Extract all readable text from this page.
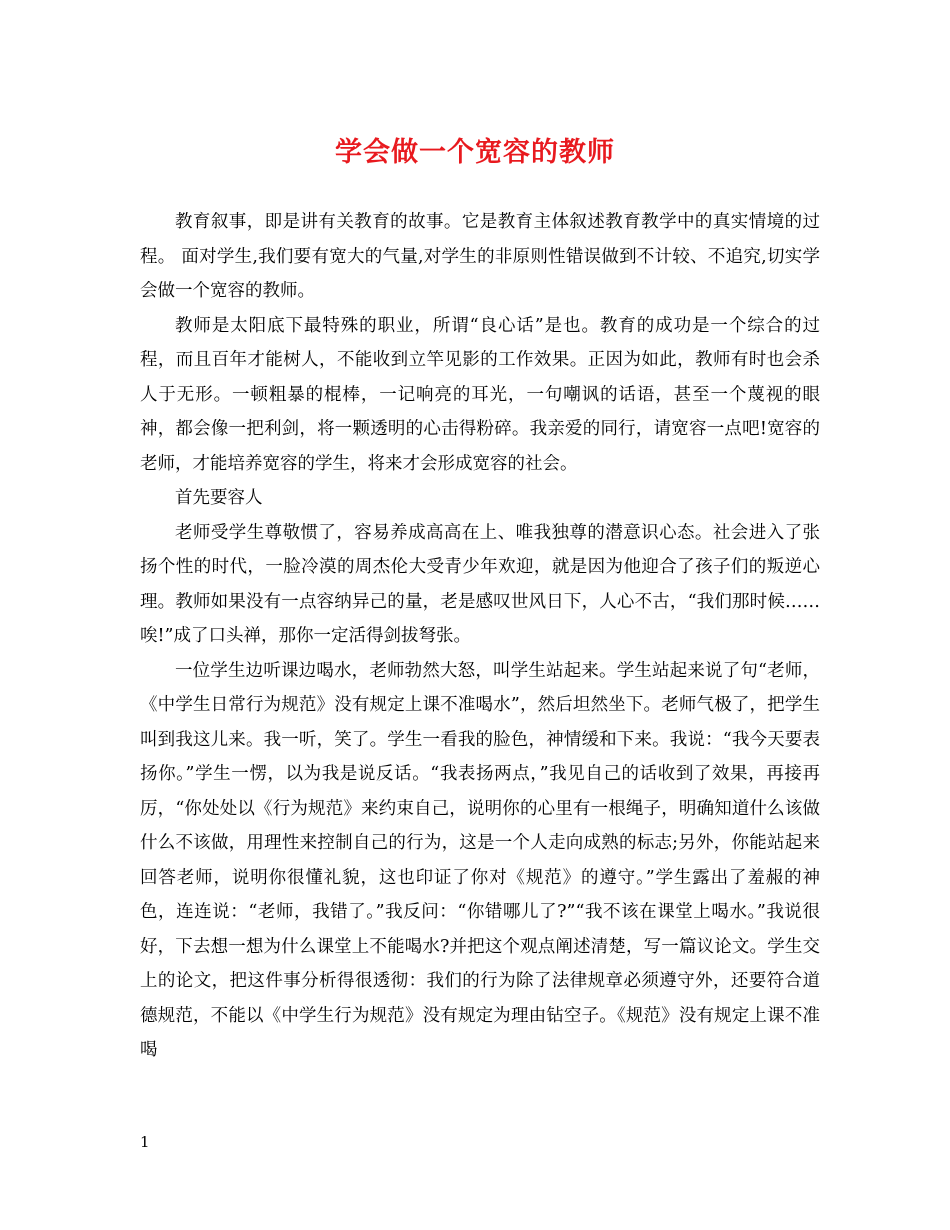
学会做一个宽容的教师

教育叙事，即是讲有关教育的故事。它是教育主体叙述教育教学中的真实情境的过程。 面对学生,我们要有宽大的气量,对学生的非原则性错误做到不计较、不追究,切实学会做一个宽容的教师。

教师是太阳底下最特殊的职业，所谓“良心话”是也。教育的成功是一个综合的过程，而且百年才能树人，不能收到立竿见影的工作效果。正因为如此，教师有时也会杀人于无形。一顿粗暴的棍棒，一记响亮的耳光，一句嘲讽的话语，甚至一个蔑视的眼神，都会像一把利剑，将一颗透明的心击得粉碎。我亲爱的同行，请宽容一点吧!宽容的老师，才能培养宽容的学生，将来才会形成宽容的社会。

首先要容人

老师受学生尊敬惯了，容易养成高高在上、唯我独尊的潜意识心态。社会进入了张扬个性的时代，一脸冷漠的周杰伦大受青少年欢迎，就是因为他迎合了孩子们的叛逆心理。教师如果没有一点容纳异己的量，老是感叹世风日下，人心不古，“我们那时候……唉!”成了口头禅，那你一定活得剑拔弩张。

一位学生边听课边喝水，老师勃然大怒，叫学生站起来。学生站起来说了句“老师，《中学生日常行为规范》没有规定上课不准喝水”，然后坦然坐下。老师气极了，把学生叫到我这儿来。我一听，笑了。学生一看我的脸色，神情缓和下来。我说：“我今天要表扬你。”学生一愣，以为我是说反话。“我表扬两点，”我见自己的话收到了效果，再接再厉，“你处处以《行为规范》来约束自己，说明你的心里有一根绳子，明确知道什么该做什么不该做，用理性来控制自己的行为，这是一个人走向成熟的标志;另外，你能站起来回答老师，说明你很懂礼貌，这也印证了你对《规范》的遵守。”学生露出了羞赧的神色，连连说：“老师，我错了。”我反问：“你错哪儿了?”“我不该在课堂上喝水。”我说很好，下去想一想为什么课堂上不能喝水?并把这个观点阐述清楚，写一篇议论文。学生交上的论文，把这件事分析得很透彻：我们的行为除了法律规章必须遵守外，还要符合道德规范，不能以《中学生行为规范》没有规定为理由钻空子。《规范》没有规定上课不准喝

1
